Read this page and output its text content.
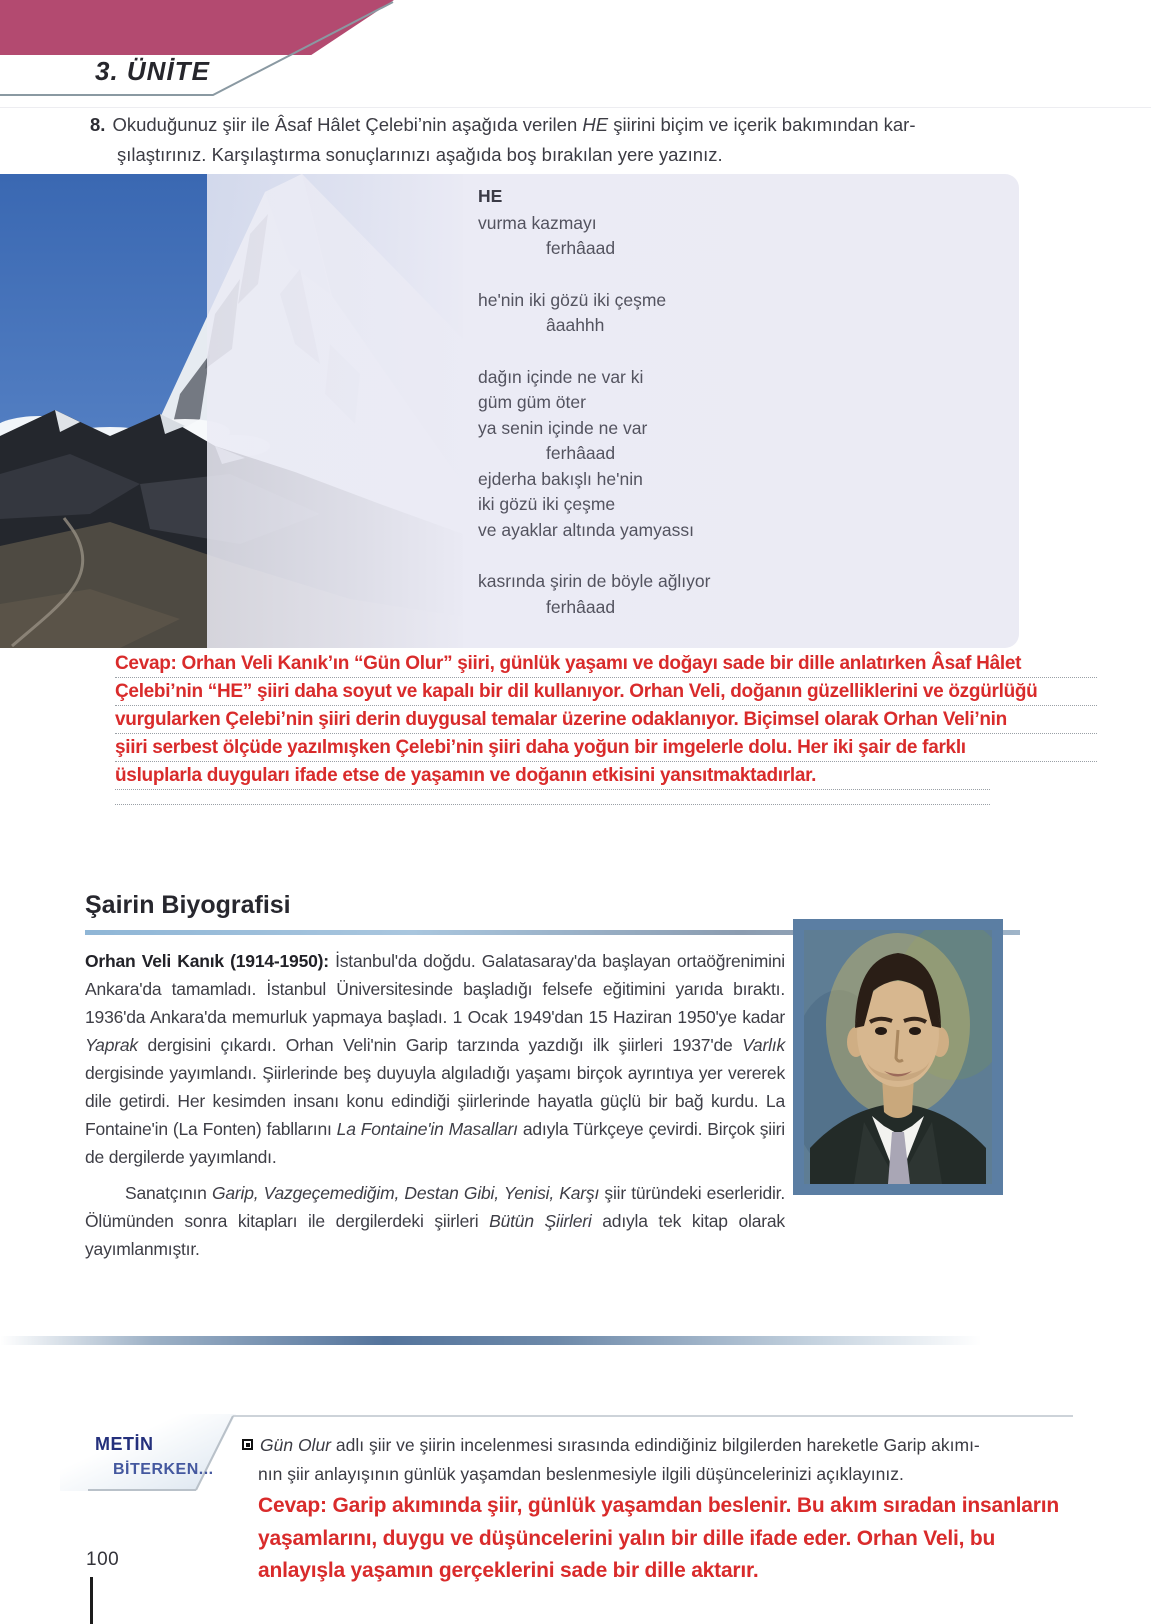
3. ÜNİTE
8. Okuduğunuz şiir ile Âsaf Hâlet Çelebi’nin aşağıda verilen HE şiirini biçim ve içerik bakımından kar-
şılaştırınız. Karşılaştırma sonuçlarınızı aşağıda boş bırakılan yere yazınız.
HE
vurma kazmayı
ferhâaad
he'nin iki gözü iki çeşme
âaahhh
dağın içinde ne var ki
güm güm öter
ya senin içinde ne var
ferhâaad
ejderha bakışlı he'nin
iki gözü iki çeşme
ve ayaklar altında yamyassı
kasrında şirin de böyle ağlıyor
ferhâaad
Cevap: Orhan Veli Kanık’ın “Gün Olur” şiiri, günlük yaşamı ve doğayı sade bir dille anlatırken Âsaf Hâlet
Çelebi’nin “HE” şiiri daha soyut ve kapalı bir dil kullanıyor. Orhan Veli, doğanın güzelliklerini ve özgürlüğü
vurgularken Çelebi’nin şiiri derin duygusal temalar üzerine odaklanıyor. Biçimsel olarak Orhan Veli’nin
şiiri serbest ölçüde yazılmışken Çelebi’nin şiiri daha yoğun bir imgelerle dolu. Her iki şair de farklı
üsluplarla duyguları ifade etse de yaşamın ve doğanın etkisini yansıtmaktadırlar.
Şairin Biyografisi
Orhan Veli Kanık (1914-1950): İstanbul'da doğdu. Galatasaray'da başlayan ortaöğrenimini Ankara'da tamamladı. İstanbul Üniversitesinde başladığı felsefe eğitimini yarıda bıraktı. 1936'da Ankara'da memurluk yapmaya başladı. 1 Ocak 1949'dan 15 Haziran 1950'ye kadar Yaprak dergisini çıkardı. Orhan Veli'nin Garip tarzında yazdığı ilk şiirleri 1937'de Varlık dergisinde yayımlandı. Şiirlerinde beş duyuyla algıladığı yaşamı birçok ayrıntıya yer vererek dile getirdi. Her kesimden insanı konu edindiği şiirlerinde hayatla güçlü bir bağ kurdu. La Fontaine'in (La Fonten) fabllarını La Fontaine'in Masalları adıyla Türkçeye çevirdi. Birçok şiiri de dergilerde yayımlandı.
Sanatçının Garip, Vazgeçemediğim, Destan Gibi, Yenisi, Karşı şiir türündeki eserleridir. Ölümünden sonra kitapları ile dergilerdeki şiirleri Bütün Şiirleri adıyla tek kitap olarak yayımlanmıştır.
METİN
BİTERKEN...
Gün Olur adlı şiir ve şiirin incelenmesi sırasında edindiğiniz bilgilerden hareketle Garip akımı-
nın şiir anlayışının günlük yaşamdan beslenmesiyle ilgili düşüncelerinizi açıklayınız.
Cevap: Garip akımında şiir, günlük yaşamdan beslenir. Bu akım sıradan insanların
yaşamlarını, duygu ve düşüncelerini yalın bir dille ifade eder. Orhan Veli, bu
anlayışla yaşamın gerçeklerini sade bir dille aktarır.
100
